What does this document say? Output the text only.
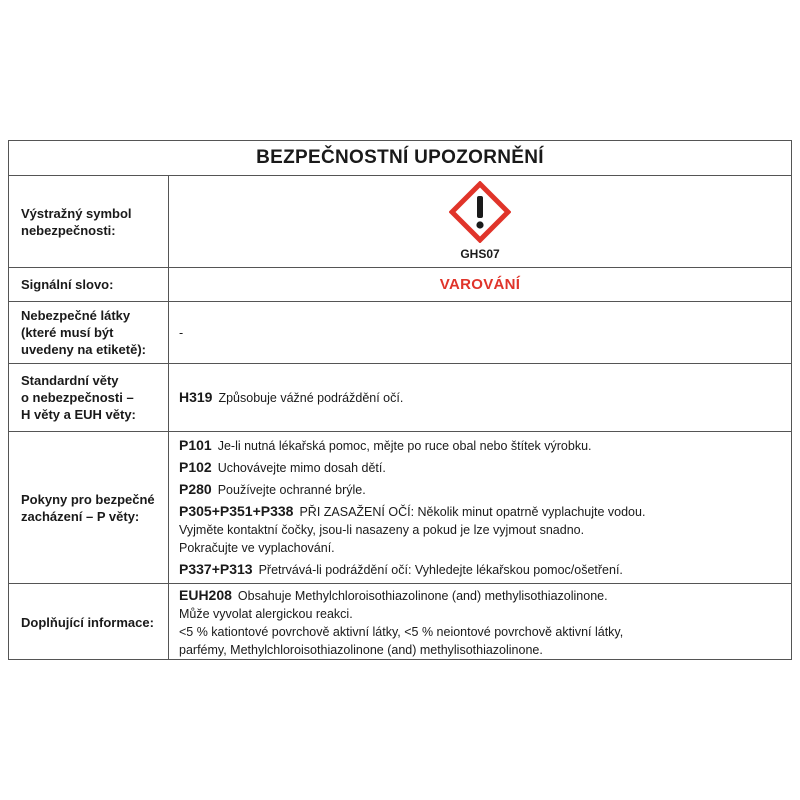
BEZPEČNOSTNÍ UPOZORNĚNÍ
Výstražný symbol
nebezpečnosti:
GHS07
Signální slovo:	VAROVÁNÍ
Nebezpečné látky
(které musí být
uvedeny na etiketě):
-
Standardní věty
o nebezpečnosti –
H věty a EUH věty:
H319 Způsobuje vážné podráždění očí.
Pokyny pro bezpečné
zacházení – P věty:
P101 Je-li nutná lékařská pomoc, mějte po ruce obal nebo štítek výrobku.
P102 Uchovávejte mimo dosah dětí.
P280 Používejte ochranné brýle.
P305+P351+P338 PŘI ZASAŽENÍ OČÍ: Několik minut opatrně vyplachujte vodou.
Vyjměte kontaktní čočky, jsou-li nasazeny a pokud je lze vyjmout snadno.
Pokračujte ve vyplachování.
P337+P313 Přetrvává-li podráždění očí: Vyhledejte lékařskou pomoc/ošetření.
Doplňující informace:
EUH208 Obsahuje Methylchloroisothiazolinone (and) methylisothiazolinone.
Může vyvolat alergickou reakci.
<5 % kationtové povrchově aktivní látky, <5 % neiontové povrchově aktivní látky,
parfémy, Methylchloroisothiazolinone (and) methylisothiazolinone.
